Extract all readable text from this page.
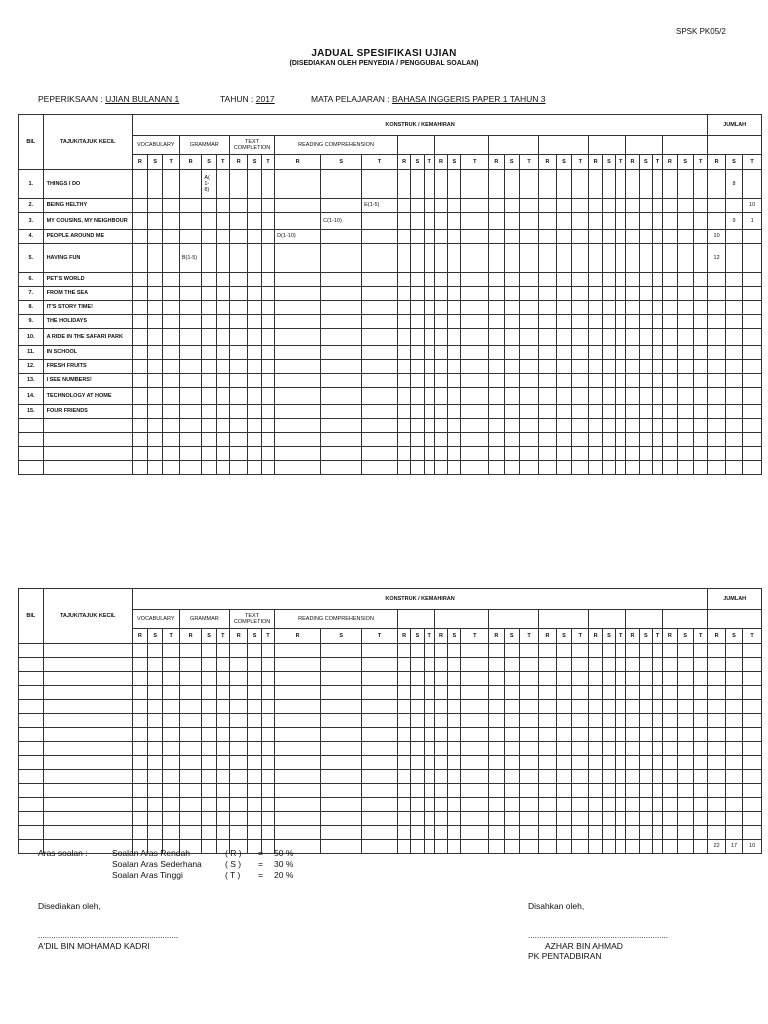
SPSK PK05/2
JADUAL SPESIFIKASI UJIAN
(DISEDIAKAN OLEH PENYEDIA / PENGGUBAL SOALAN)
PEPERIKSAAN : UJIAN BULANAN 1	TAHUN : 2017	MATA PELAJARAN : BAHASA INGGERIS PAPER 1 TAHUN 3
BIL	TAJUK/TAJUK KECIL	KONSTRUK / KEMAHIRAN																																	JUMLAH		
		VOCABULARY			GRAMMAR			TEXT COMPLETION			READING COMPREHENSION																										
		R	S	T	R	S	T	R	S	T	R	S	T	R	S	T	R	S	T	R	S	T	R	S	T	R	S	T	R	S	T	R	S	T	R	S	T
1.	THINGS I DO					A( 1- 8)																														8	
2.	BEING HELTHY												E(1-5)																								10
3.	MY COUSINS, MY NEIGHBOUR											C(1-10)																								9	1
4.	PEOPLE AROUND ME										D(1-10)																								10		
5.	HAVING FUN				B(1-5)																														12		
6.	PET'S WORLD																																				
7.	FROM THE SEA																																				
8.	IT'S STORY TIME!																																				
9.	THE HOLIDAYS																																				
10.	A RIDE IN THE SAFARI PARK																																				
11.	IN SCHOOL																																				
12.	FRESH FRUITS																																				
13.	I SEE NUMBERS!																																				
14.	TECHNOLOGY AT HOME																																				
15.	FOUR FRIENDS																																				

BIL	TAJUK/TAJUK KECIL	KONSTRUK / KEMAHIRAN																																	JUMLAH		
		VOCABULARY			GRAMMAR			TEXT COMPLETION			READING COMPREHENSION																										
		R	S	T	R	S	T	R	S	T	R	S	T	R	S	T	R	S	T	R	S	T	R	S	T	R	S	T	R	S	T	R	S	T	R	S	T

																																			22	17	10
Aras soalan :	Soalan Aras Rendah	( R ) = 50 %
Soalan Aras Sederhana	( S ) = 30 %
Soalan Aras Tinggi	( T ) = 20 %
Disediakan oleh,	Disahkan oleh,
...............................................................	...............................................................
A'DIL BIN MOHAMAD KADRI	AZHAR BIN AHMAD
PK PENTADBIRAN
